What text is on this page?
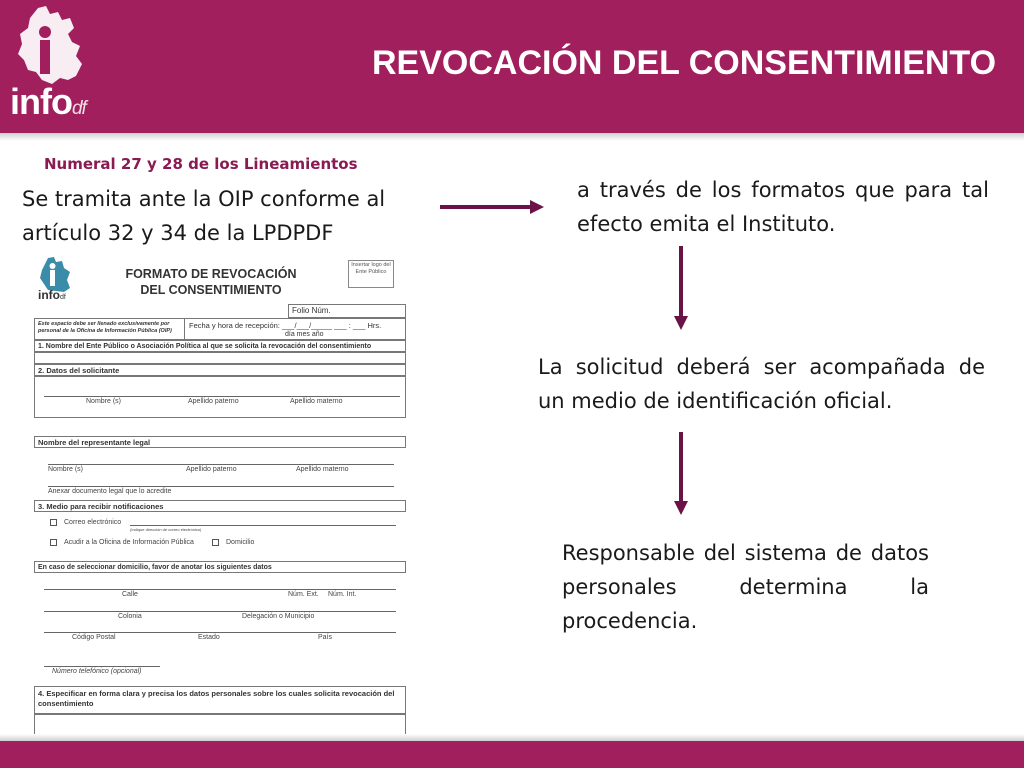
infodf
REVOCACIÓN DEL CONSENTIMIENTO
Numeral 27 y 28 de los Lineamientos
Se tramita ante la OIP conforme al artículo 32 y 34 de la LPDPDF
a través de los formatos que para tal efecto emita el Instituto.
La solicitud deberá ser acompañada de un medio de identificación oficial.
Responsable del sistema de datos personales determina la procedencia.
infodf
FORMATO DE REVOCACIÓN
DEL CONSENTIMIENTO
Insertar logo del Ente Público
Folio Núm.
Este espacio debe ser llenado exclusivamente por personal de la Oficina de Información Pública (OIP)
Fecha y hora de recepción: ___/___/_____ ___ : ___ Hrs.
día mes año
1. Nombre del Ente Público o Asociación Política al que se solicita la revocación del consentimiento
2. Datos del solicitante
Nombre (s)	Apellido paterno	Apellido materno
Nombre del representante legal
Nombre (s)	Apellido paterno	Apellido materno
Anexar documento legal que lo acredite
3. Medio para recibir notificaciones
Correo electrónico
(Indique dirección de correo electrónico)
Acudir a la Oficina de Información Pública	Domicilio
En caso de seleccionar domicilio, favor de anotar los siguientes datos
Calle	Núm. Ext. Núm. Int.
Colonia	Delegación o Municipio
Código Postal	Estado	País
Número telefónico (opcional)
4. Especificar en forma clara y precisa los datos personales sobre los cuales solicita revocación del consentimiento
